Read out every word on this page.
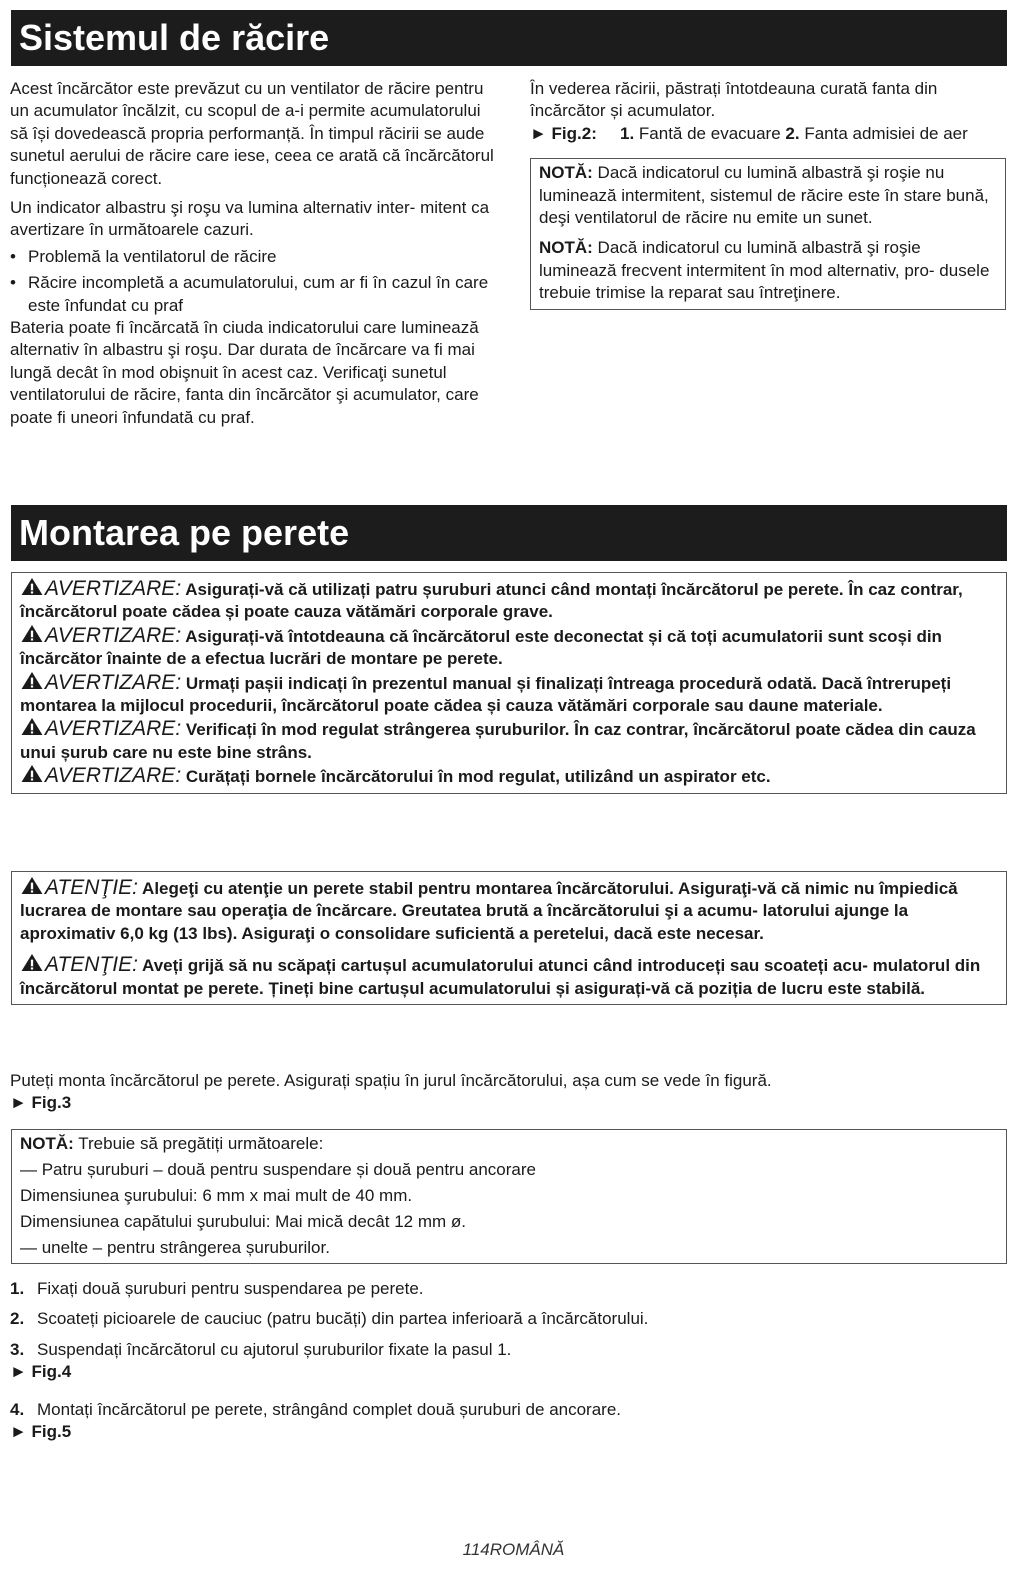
Sistemul de răcire

Acest încărcător este prevăzut cu un ventilator de răcire pentru un acumulator încălzit, cu scopul de a-i permite acumulatorului să își dovedească propria performanță. În timpul răcirii se aude sunetul aerului de răcire care iese, ceea ce arată că încărcătorul funcționează corect.

Un indicator albastru şi roşu va lumina alternativ inter- mitent ca avertizare în următoarele cazuri.

• Problemă la ventilatorul de răcire
• Răcire incompletă a acumulatorului, cum ar fi în cazul în care este înfundat cu praf

Bateria poate fi încărcată în ciuda indicatorului care luminează alternativ în albastru şi roşu. Dar durata de încărcare va fi mai lungă decât în mod obişnuit în acest caz. Verificaţi sunetul ventilatorului de răcire, fanta din încărcător şi acumulator, care poate fi uneori înfundată cu praf.

În vederea răcirii, păstrați întotdeauna curată fanta din încărcător și acumulator.

► Fig.2:	1. Fantă de evacuare 2. Fanta admisiei de aer

NOTĂ: Dacă indicatorul cu lumină albastră şi roşie nu luminează intermitent, sistemul de răcire este în stare bună, deşi ventilatorul de răcire nu emite un sunet.

NOTĂ: Dacă indicatorul cu lumină albastră şi roşie luminează frecvent intermitent în mod alternativ, pro- dusele trebuie trimise la reparat sau întreţinere.

Montarea pe perete

AVERTIZARE: Asigurați-vă că utilizați patru șuruburi atunci când montați încărcătorul pe perete. În caz contrar, încărcătorul poate cădea și poate cauza vătămări corporale grave.

AVERTIZARE: Asigurați-vă întotdeauna că încărcătorul este deconectat și că toți acumulatorii sunt scoși din încărcător înainte de a efectua lucrări de montare pe perete.

AVERTIZARE: Urmați pașii indicați în prezentul manual și finalizați întreaga procedură odată. Dacă întrerupeți montarea la mijlocul procedurii, încărcătorul poate cădea și cauza vătămări corporale sau daune materiale.

AVERTIZARE: Verificați în mod regulat strângerea șuruburilor. În caz contrar, încărcătorul poate cădea din cauza unui șurub care nu este bine strâns.

AVERTIZARE: Curățați bornele încărcătorului în mod regulat, utilizând un aspirator etc.

ATENŢIE: Alegeţi cu atenţie un perete stabil pentru montarea încărcătorului. Asiguraţi-vă că nimic nu împiedică lucrarea de montare sau operaţia de încărcare. Greutatea brută a încărcătorului şi a acumu- latorului ajunge la aproximativ 6,0 kg (13 lbs). Asiguraţi o consolidare suficientă a peretelui, dacă este necesar.

ATENŢIE: Aveți grijă să nu scăpați cartușul acumulatorului atunci când introduceți sau scoateți acu- mulatorul din încărcătorul montat pe perete. Țineți bine cartușul acumulatorului și asigurați-vă că poziția de lucru este stabilă.

Puteți monta încărcătorul pe perete. Asigurați spațiu în jurul încărcătorului, așa cum se vede în figură.

► Fig.3

NOTĂ: Trebuie să pregătiți următoarele:

— Patru șuruburi – două pentru suspendare și două pentru ancorare

Dimensiunea şurubului: 6 mm x mai mult de 40 mm.

Dimensiunea capătului şurubului: Mai mică decât 12 mm ø.

— unelte – pentru strângerea șuruburilor.

1. Fixați două șuruburi pentru suspendarea pe perete.
2. Scoateți picioarele de cauciuc (patru bucăți) din partea inferioară a încărcătorului.
3. Suspendați încărcătorul cu ajutorul șuruburilor fixate la pasul 1.

► Fig.4

4. Montați încărcătorul pe perete, strângând complet două șuruburi de ancorare.

► Fig.5

114ROMÂNĂ
